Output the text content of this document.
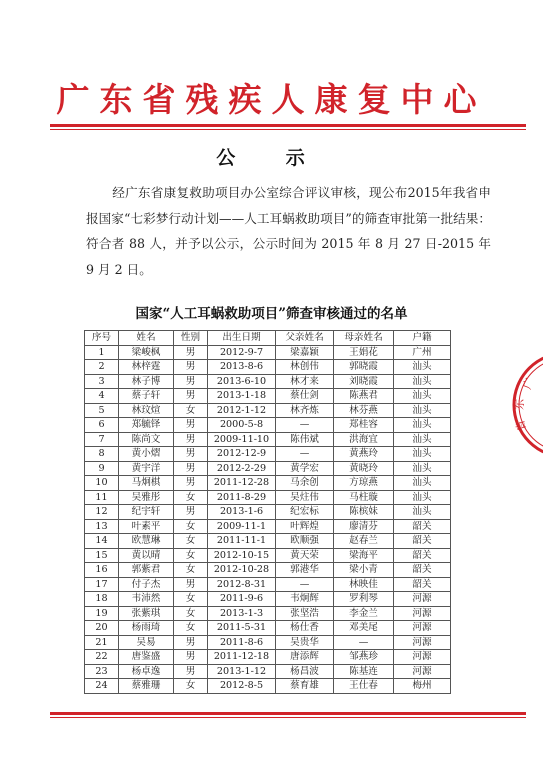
广东省残疾人康复中心
公 示
经广东省康复救助项目办公室综合评议审核，现公布2015年我省申报国家“七彩梦行动计划——人工耳蜗救助项目”的筛查审批第一批结果：符合者 88 人，并予以公示，公示时间为 2015 年 8 月 27 日-2015 年 9 月 2 日。
国家“人工耳蜗救助项目”筛查审核通过的名单
序号	姓名	性别	出生日期	父亲姓名	母亲姓名	户籍
1	梁峻枫	男	2012-9-7	梁嘉颖	王娟花	广州
2	林梓霆	男	2013-8-6	林创伟	郭晓霞	汕头
3	林子博	男	2013-6-10	林才来	刘晓霞	汕头
4	蔡子轩	男	2013-1-18	蔡仕剑	陈燕君	汕头
5	林玟煊	女	2012-1-12	林齐炼	林芬燕	汕头
6	郑毓铎	男	2000-5-8	—	郑桂容	汕头
7	陈尚文	男	2009-11-10	陈伟斌	洪海宜	汕头
8	黄小熠	男	2012-12-9	—	黄燕玲	汕头
9	黄宇洋	男	2012-2-29	黄学宏	黄晓玲	汕头
10	马炯棋	男	2011-12-28	马余创	方琼燕	汕头
11	吴雅彤	女	2011-8-29	吴炷伟	马柱璇	汕头
12	纪宇轩	男	2013-1-6	纪宏标	陈槟妹	汕头
13	叶素平	女	2009-11-1	叶辉煌	廖清芬	韶关
14	欧慧琳	女	2011-11-1	欧顺强	赵春兰	韶关
15	黄以晴	女	2012-10-15	黄天荣	梁海平	韶关
16	郭紫君	女	2012-10-28	郭港华	梁小青	韶关
17	付子杰	男	2012-8-31	—	林映佳	韶关
18	韦沛然	女	2011-9-6	韦炯辉	罗利琴	河源
19	张紫琪	女	2013-1-3	张坚浩	李金兰	河源
20	杨雨琦	女	2011-5-31	杨仕香	邓美尾	河源
21	吴易	男	2011-8-6	吴贵华	—	河源
22	唐鉴盛	男	2011-12-18	唐添辉	邹燕珍	河源
23	杨卓逸	男	2013-1-12	杨昌波	陈基连	河源
24	蔡雅珊	女	2012-8-5	蔡育雄	王仕春	梅州
广
东
省
